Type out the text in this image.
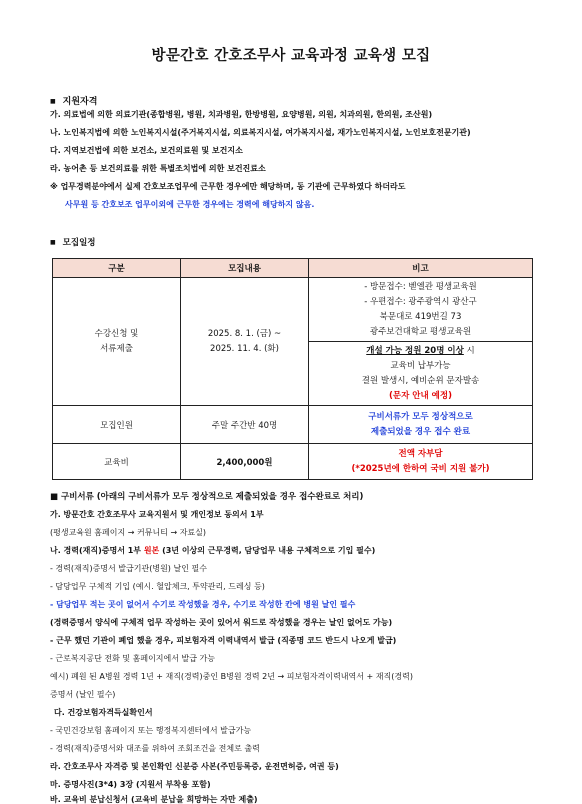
방문간호 간호조무사 교육과정 교육생 모집
■ 지원자격
가. 의료법에 의한 의료기관(종합병원, 병원, 치과병원, 한방병원, 요양병원, 의원, 치과의원, 한의원, 조산원)
나. 노인복지법에 의한 노인복지시설(주거복지시설, 의료복지시설, 여가복지시설, 재가노인복지시설, 노인보호전문기관)
다. 지역보건법에 의한 보건소, 보건의료원 및 보건지소
라. 농어촌 등 보건의료를 위한 특별조치법에 의한 보건진료소
※ 업무경력분야에서 실제 간호보조업무에 근무한 경우에만 해당하며, 동 기관에 근무하였다 하더라도
사무원 등 간호보조 업무이외에 근무한 경우에는 경력에 해당하지 않음.
■ 모집일정
구분	모집내용	비고

수강신청 및
서류제출	2025. 8. 1. (금) ~
2025. 11. 4. (화)	- 방문접수: 벧엘관 평생교육원
- 우편접수: 광주광역시 광산구
북문대로 419번길 73
광주보건대학교 평생교육원

		개설 가능 정원 20명 이상 시
교육비 납부가능
결원 발생시, 예비순위 문자발송
(문자 안내 예정)

모집인원	주말 주간반 40명	구비서류가 모두 정상적으로
제출되었을 경우 접수 완료

교육비	2,400,000원	전액 자부담
(*2025년에 한하여 국비 지원 불가)
■ 구비서류 (아래의 구비서류가 모두 정상적으로 제출되었을 경우 접수완료로 처리)
가. 방문간호 간호조무사 교육지원서 및 개인정보 동의서 1부
(평생교육원 홈페이지 → 커뮤니티 → 자료실)
나. 경력(재직)증명서 1부 원본 (3년 이상의 근무경력, 담당업무 내용 구체적으로 기입 필수)
- 경력(재직)증명서 발급기관(병원) 날인 필수
- 담당업무 구체적 기입 (예시. 혈압체크, 투약관리, 드레싱 등)
- 담당업무 적는 곳이 없어서 수기로 작성했을 경우, 수기로 작성한 칸에 병원 날인 필수
(경력증명서 양식에 구체적 업무 작성하는 곳이 있어서 워드로 작성했을 경우는 날인 없어도 가능)
- 근무 했던 기관이 폐업 했을 경우, 피보험자격 이력내역서 발급 (직종명 코드 반드시 나오게 발급)
- 근로복지공단 전화 및 홈페이지에서 발급 가능
예시) 폐원 된 A병원 경력 1년 + 재직(경력)중인 B병원 경력 2년 → 피보험자격이력내역서 + 재직(경력)
증명서 (날인 필수)
다. 건강보험자격득실확인서
- 국민건강보험 홈페이지 또는 행정복지센터에서 발급가능
- 경력(재직)증명서와 대조를 위하여 조회조건을 전체로 출력
라. 간호조무사 자격증 및 본인확인 신분증 사본(주민등록증, 운전면허증, 여권 등)
마. 증명사진(3*4) 3장 (지원서 부착용 포함)
바. 교육비 분납신청서 (교육비 분납을 희망하는 자만 제출)
